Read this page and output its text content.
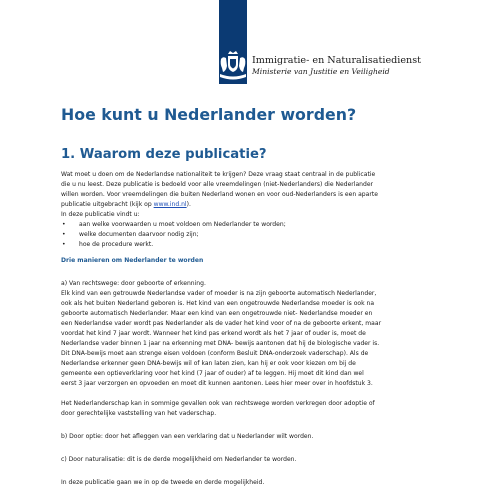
Immigratie- en Naturalisatiedienst
Ministerie van Justitie en Veiligheid
Hoe kunt u Nederlander worden?
1. Waarom deze publicatie?

Wat moet u doen om de Nederlandse nationaliteit te krijgen? Deze vraag staat centraal in de publicatie

die u nu leest. Deze publicatie is bedoeld voor alle vreemdelingen (niet-Nederlanders) die Nederlander

willen worden. Voor vreemdelingen die buiten Nederland wonen en voor oud-Nederlanders is een aparte

publicatie uitgebracht (kijk op www.ind.nl).

In deze publicatie vindt u:

• aan welke voorwaarden u moet voldoen om Nederlander te worden;
• welke documenten daarvoor nodig zijn;
• hoe de procedure werkt.

Drie manieren om Nederlander te worden

a) Van rechtswege: door geboorte of erkenning.

Elk kind van een getrouwde Nederlandse vader of moeder is na zijn geboorte automatisch Nederlander,

ook als het buiten Nederland geboren is. Het kind van een ongetrouwde Nederlandse moeder is ook na

geboorte automatisch Nederlander. Maar een kind van een ongetrouwde niet- Nederlandse moeder en

een Nederlandse vader wordt pas Nederlander als de vader het kind voor of na de geboorte erkent, maar

voordat het kind 7 jaar wordt. Wanneer het kind pas erkend wordt als het 7 jaar of ouder is, moet de

Nederlandse vader binnen 1 jaar na erkenning met DNA- bewijs aantonen dat hij de biologische vader is.

Dit DNA-bewijs moet aan strenge eisen voldoen (conform Besluit DNA-onderzoek vaderschap). Als de

Nederlandse erkenner geen DNA-bewijs wil of kan laten zien, kan hij er ook voor kiezen om bij de

gemeente een optieverklaring voor het kind (7 jaar of ouder) af te leggen. Hij moet dit kind dan wel

eerst 3 jaar verzorgen en opvoeden en moet dit kunnen aantonen. Lees hier meer over in hoofdstuk 3.

Het Nederlanderschap kan in sommige gevallen ook van rechtswege worden verkregen door adoptie of

door gerechtelijke vaststelling van het vaderschap.

b) Door optie: door het afleggen van een verklaring dat u Nederlander wilt worden.

c) Door naturalisatie: dit is de derde mogelijkheid om Nederlander te worden.

In deze publicatie gaan we in op de tweede en derde mogelijkheid.
